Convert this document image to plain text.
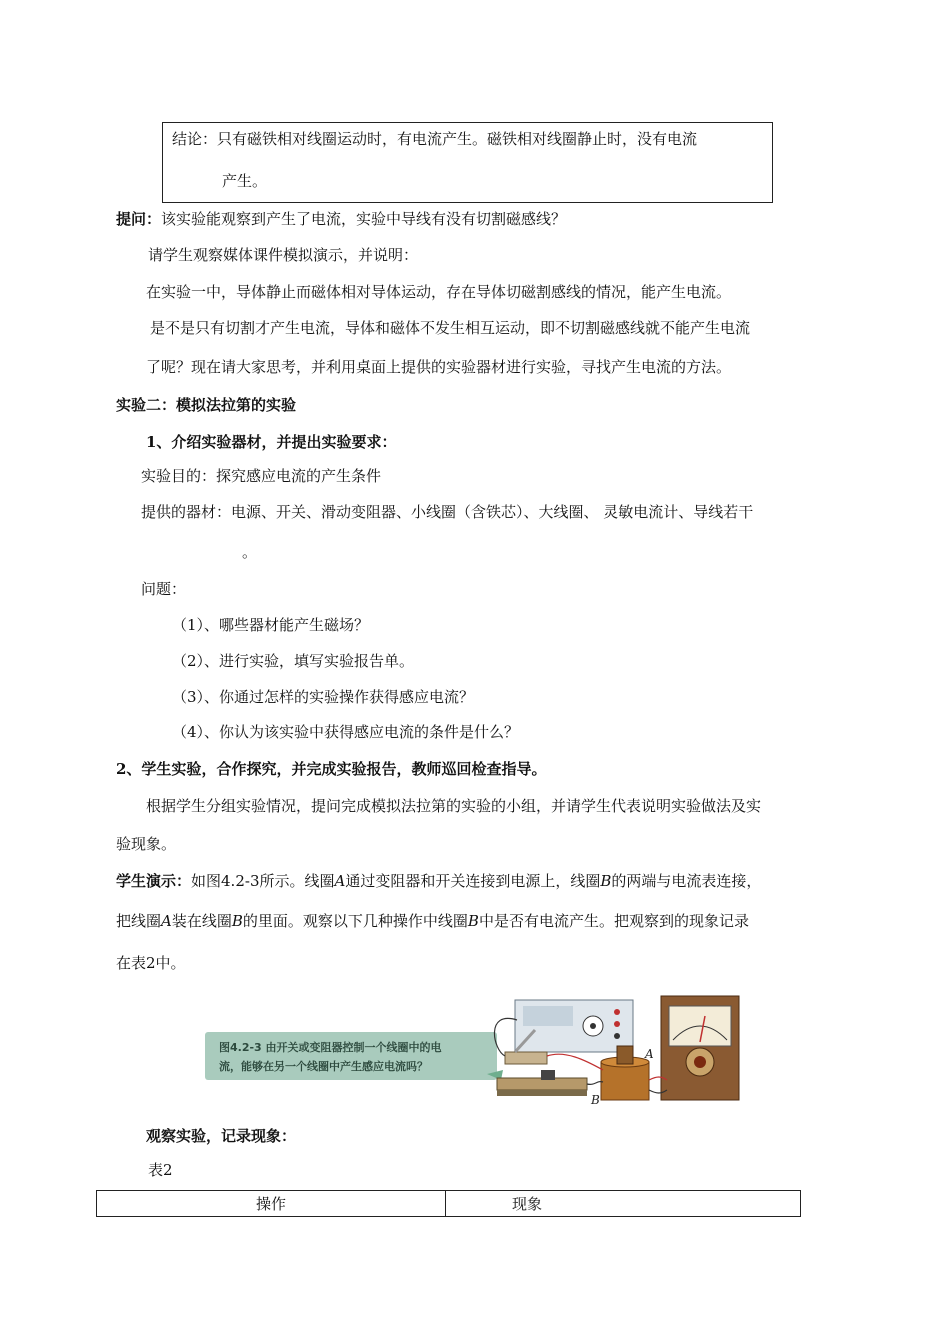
结论：只有磁铁相对线圈运动时，有电流产生。磁铁相对线圈静止时，没有电流
产生。
提问：该实验能观察到产生了电流，实验中导线有没有切割磁感线？
请学生观察媒体课件模拟演示，并说明：
在实验一中，导体静止而磁体相对导体运动，存在导体切磁割感线的情况，能产生电流。
是不是只有切割才产生电流，导体和磁体不发生相互运动，即不切割磁感线就不能产生电流
了呢？现在请大家思考，并利用桌面上提供的实验器材进行实验，寻找产生电流的方法。
实验二：模拟法拉第的实验
1、介绍实验器材，并提出实验要求：
实验目的：探究感应电流的产生条件
提供的器材：电源、开关、滑动变阻器、小线圈（含铁芯）、大线圈、 灵敏电流计、导线若干
。
问题：
（1）、哪些器材能产生磁场？
（2）、进行实验，填写实验报告单。
（3）、你通过怎样的实验操作获得感应电流？
（4）、你认为该实验中获得感应电流的条件是什么？
2、学生实验，合作探究，并完成实验报告，教师巡回检查指导。
根据学生分组实验情况，提问完成模拟法拉第的实验的小组，并请学生代表说明实验做法及实
验现象。
学生演示：如图4.2-3所示。线圈A通过变阻器和开关连接到电源上，线圈B的两端与电流表连接，
把线圈A装在线圈B的里面。观察以下几种操作中线圈B中是否有电流产生。把观察到的现象记录
在表2中。
图4.2-3 由开关或变阻器控制一个线圈中的电
流，能够在另一个线圈中产生感应电流吗？
A
B
观察实验，记录现象：
表2
操作	现象
